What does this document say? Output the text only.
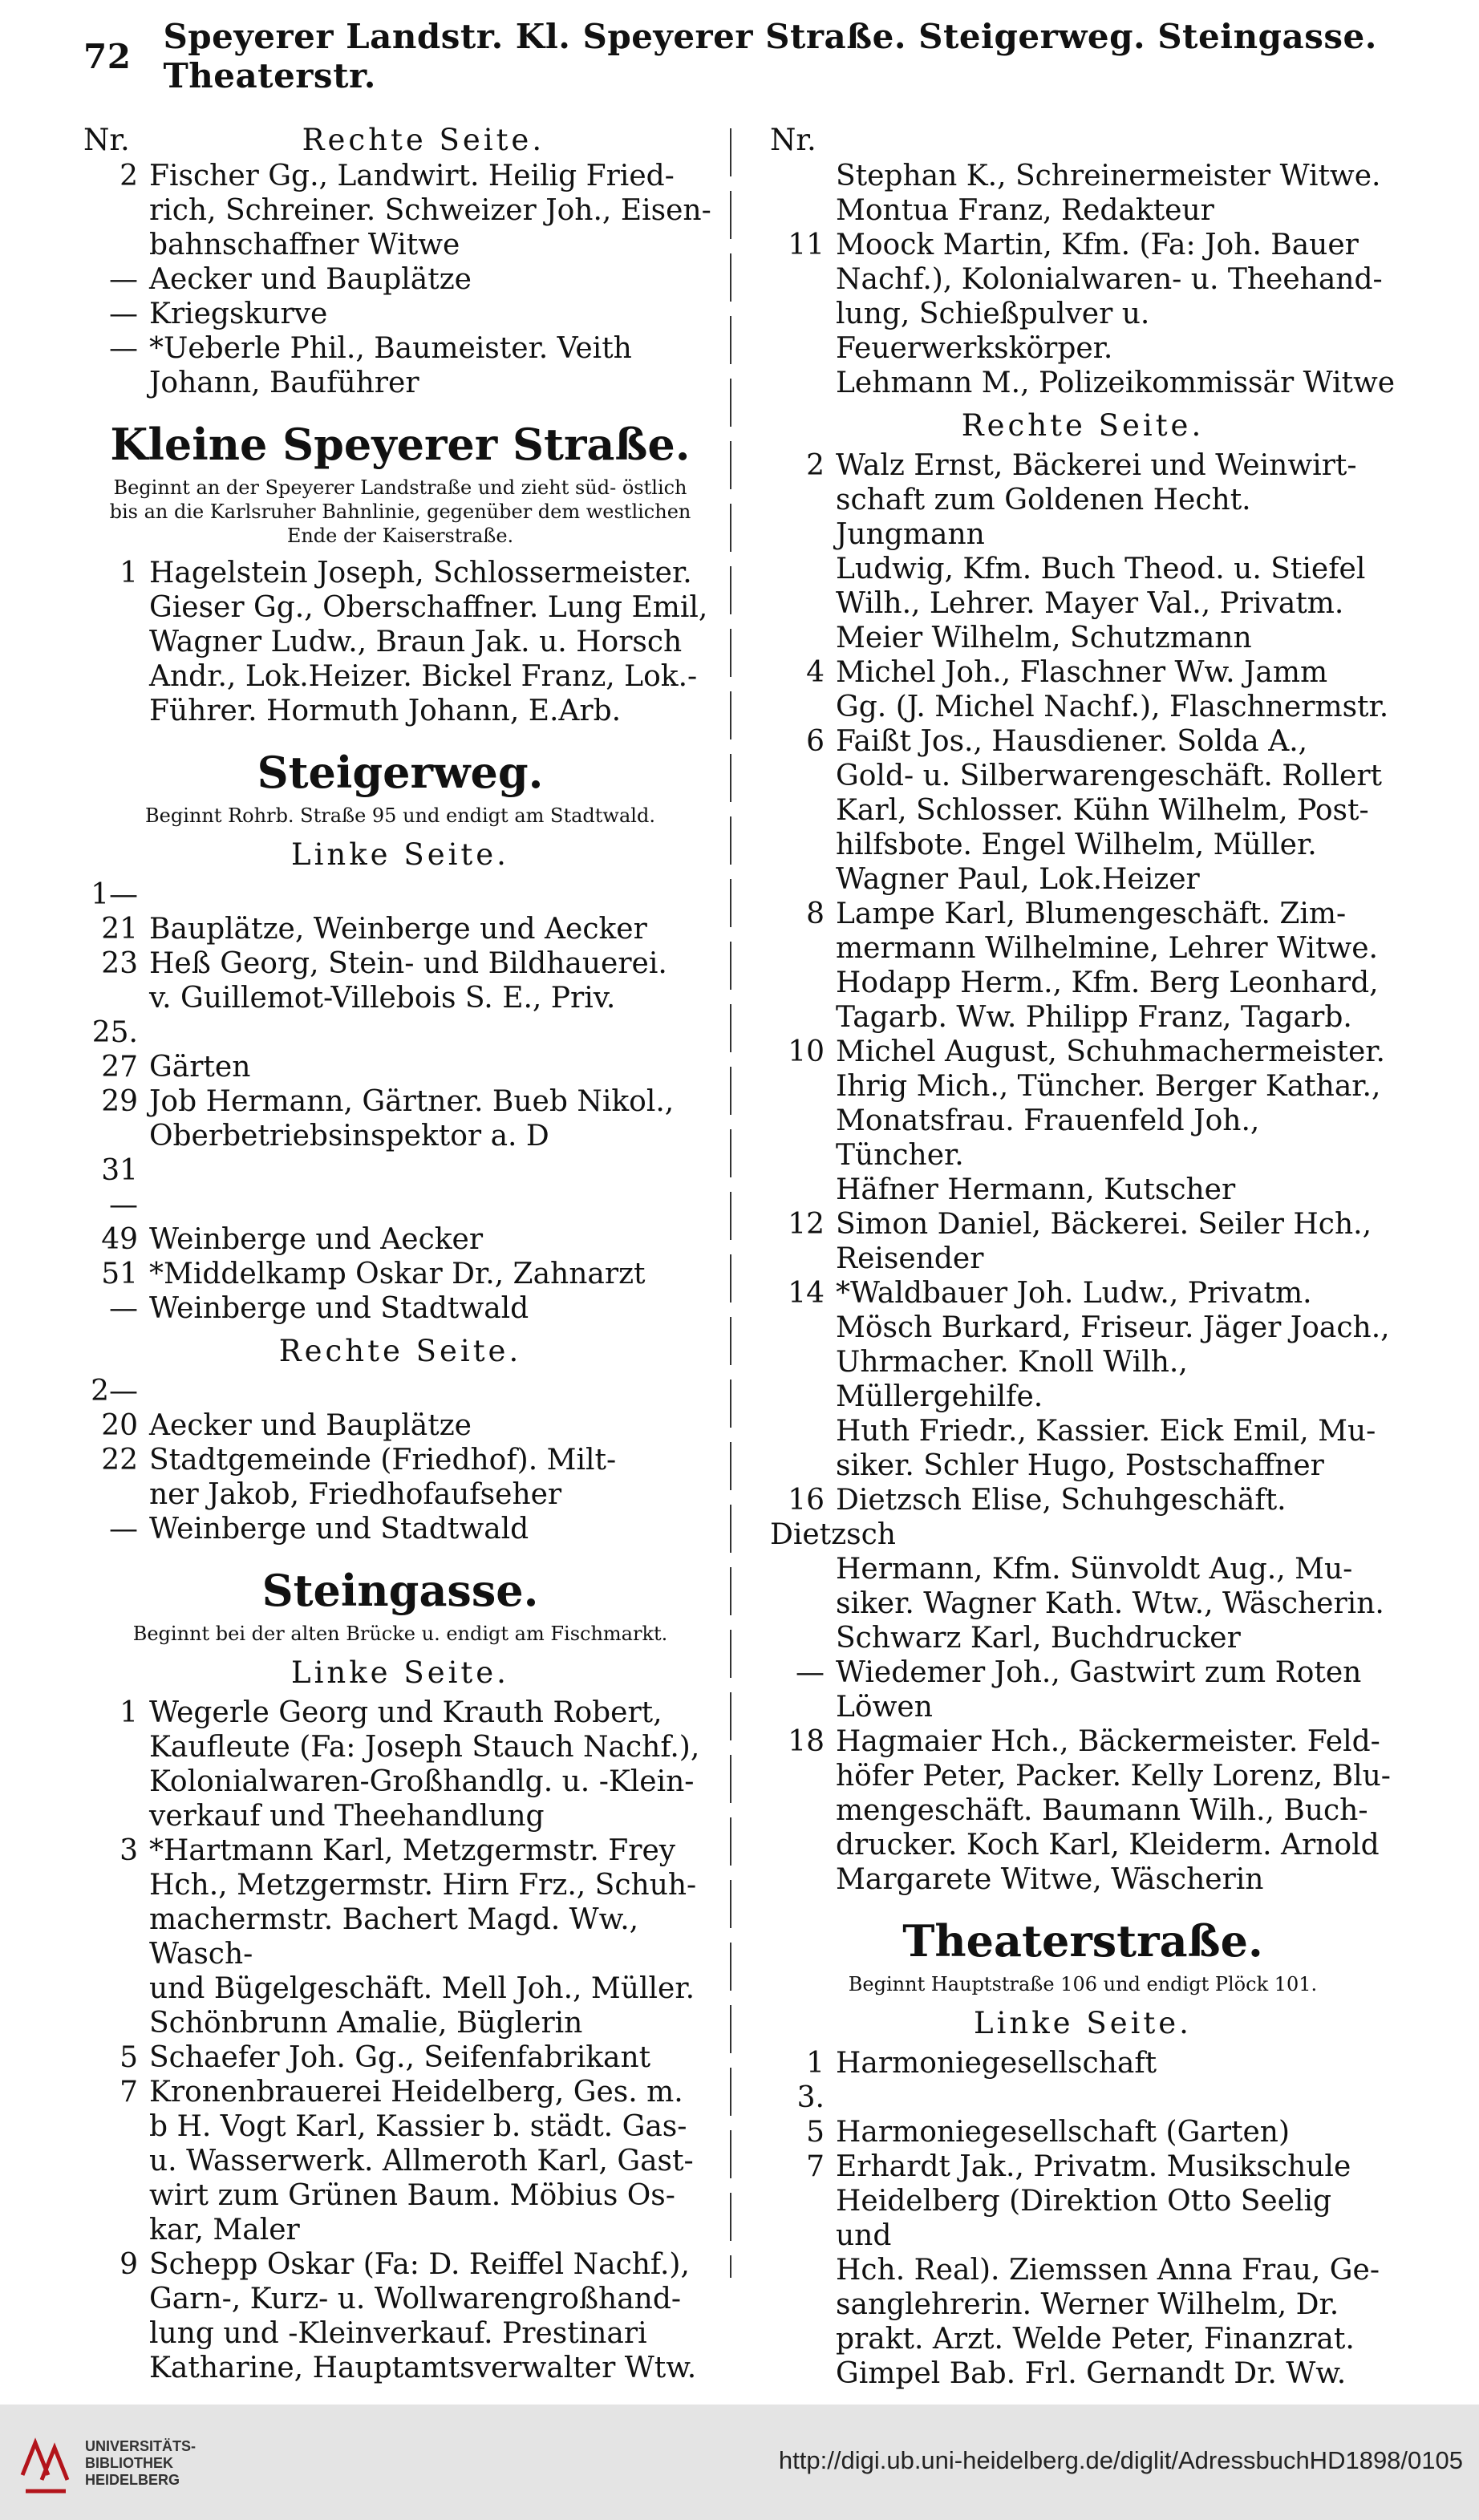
72 Speyerer Landstr. Kl. Speyerer Straße. Steigerweg. Steingasse. Theaterstr.
Nr.	Rechte Seite.

2 Fischer Gg., Landwirt. Heilig Fried-

rich, Schreiner. Schweizer Joh., Eisen-

bahnschaffner Witwe

— Aecker und Bauplätze

— Kriegskurve

— *Ueberle Phil., Baumeister. Veith

Johann, Bauführer

Kleine Speyerer Straße.
Beginnt an der Speyerer Landstraße und zieht süd- östlich bis an die Karlsruher Bahnlinie, gegenüber dem westlichen Ende der Kaiserstraße.

1 Hagelstein Joseph, Schlossermeister.

Gieser Gg., Oberschaffner. Lung Emil,

Wagner Ludw., Braun Jak. u. Horsch

Andr., Lok.Heizer. Bickel Franz, Lok.-

Führer. Hormuth Johann, E.Arb.

Steigerweg.
Beginnt Rohrb. Straße 95 und endigt am Stadtwald.
Linke Seite.

1—21 Bauplätze, Weinberge und Aecker

23 Heß Georg, Stein- und Bildhauerei.

v. Guillemot-Villebois S. E., Priv.

25. 27 Gärten

29 Job Hermann, Gärtner. Bueb Nikol.,

Oberbetriebsinspektor a. D

31—49 Weinberge und Aecker

51 *Middelkamp Oskar Dr., Zahnarzt

— Weinberge und Stadtwald

Rechte Seite.

2—20 Aecker und Bauplätze

22 Stadtgemeinde (Friedhof). Milt-

ner Jakob, Friedhofaufseher

— Weinberge und Stadtwald

Steingasse.
Beginnt bei der alten Brücke u. endigt am Fischmarkt.
Linke Seite.

1 Wegerle Georg und Krauth Robert,

Kaufleute (Fa: Joseph Stauch Nachf.),

Kolonialwaren-Großhandlg. u. -Klein-

verkauf und Theehandlung

3 *Hartmann Karl, Metzgermstr. Frey

Hch., Metzgermstr. Hirn Frz., Schuh-

machermstr. Bachert Magd. Ww., Wasch-

und Bügelgeschäft. Mell Joh., Müller.

Schönbrunn Amalie, Büglerin

5 Schaefer Joh. Gg., Seifenfabrikant

7 Kronenbrauerei Heidelberg, Ges. m.

b H. Vogt Karl, Kassier b. städt. Gas-

u. Wasserwerk. Allmeroth Karl, Gast-

wirt zum Grünen Baum. Möbius Os-

kar, Maler

9 Schepp Oskar (Fa: D. Reiffel Nachf.),

Garn-, Kurz- u. Wollwarengroßhand-

lung und -Kleinverkauf. Prestinari

Katharine, Hauptamtsverwalter Wtw.

Nr.

Stephan K., Schreinermeister Witwe.

Montua Franz, Redakteur

11 Moock Martin, Kfm. (Fa: Joh. Bauer

Nachf.), Kolonialwaren- u. Theehand-

lung, Schießpulver u. Feuerwerkskörper.

Lehmann M., Polizeikommissär Witwe

Rechte Seite.

2 Walz Ernst, Bäckerei und Weinwirt-

schaft zum Goldenen Hecht. Jungmann

Ludwig, Kfm. Buch Theod. u. Stiefel

Wilh., Lehrer. Mayer Val., Privatm.

Meier Wilhelm, Schutzmann

4 Michel Joh., Flaschner Ww. Jamm

Gg. (J. Michel Nachf.), Flaschnermstr.

6 Faißt Jos., Hausdiener. Solda A.,

Gold- u. Silberwarengeschäft. Rollert

Karl, Schlosser. Kühn Wilhelm, Post-

hilfsbote. Engel Wilhelm, Müller.

Wagner Paul, Lok.Heizer

8 Lampe Karl, Blumengeschäft. Zim-

mermann Wilhelmine, Lehrer Witwe.

Hodapp Herm., Kfm. Berg Leonhard,

Tagarb. Ww. Philipp Franz, Tagarb.

10 Michel August, Schuhmachermeister.

Ihrig Mich., Tüncher. Berger Kathar.,

Monatsfrau. Frauenfeld Joh., Tüncher.

Häfner Hermann, Kutscher

12 Simon Daniel, Bäckerei. Seiler Hch.,

Reisender

14 *Waldbauer Joh. Ludw., Privatm.

Mösch Burkard, Friseur. Jäger Joach.,

Uhrmacher. Knoll Wilh., Müllergehilfe.

Huth Friedr., Kassier. Eick Emil, Mu-

siker. Schler Hugo, Postschaffner

16 Dietzsch Elise, Schuhgeschäft. Dietzsch

Hermann, Kfm. Sünvoldt Aug., Mu-

siker. Wagner Kath. Wtw., Wäscherin.

Schwarz Karl, Buchdrucker

— Wiedemer Joh., Gastwirt zum Roten

Löwen

18 Hagmaier Hch., Bäckermeister. Feld-

höfer Peter, Packer. Kelly Lorenz, Blu-

mengeschäft. Baumann Wilh., Buch-

drucker. Koch Karl, Kleiderm. Arnold

Margarete Witwe, Wäscherin

Theaterstraße.
Beginnt Hauptstraße 106 und endigt Plöck 101.
Linke Seite.

1 Harmoniegesellschaft

3. 5 Harmoniegesellschaft (Garten)

7 Erhardt Jak., Privatm. Musikschule

Heidelberg (Direktion Otto Seelig und

Hch. Real). Ziemssen Anna Frau, Ge-

sanglehrerin. Werner Wilhelm, Dr.

prakt. Arzt. Welde Peter, Finanzrat.

Gimpel Bab. Frl. Gernandt Dr. Ww.

UNIVERSITÄTS-
BIBLIOTHEK
HEIDELBERG
http://digi.ub.uni-heidelberg.de/diglit/AdressbuchHD1898/0105
